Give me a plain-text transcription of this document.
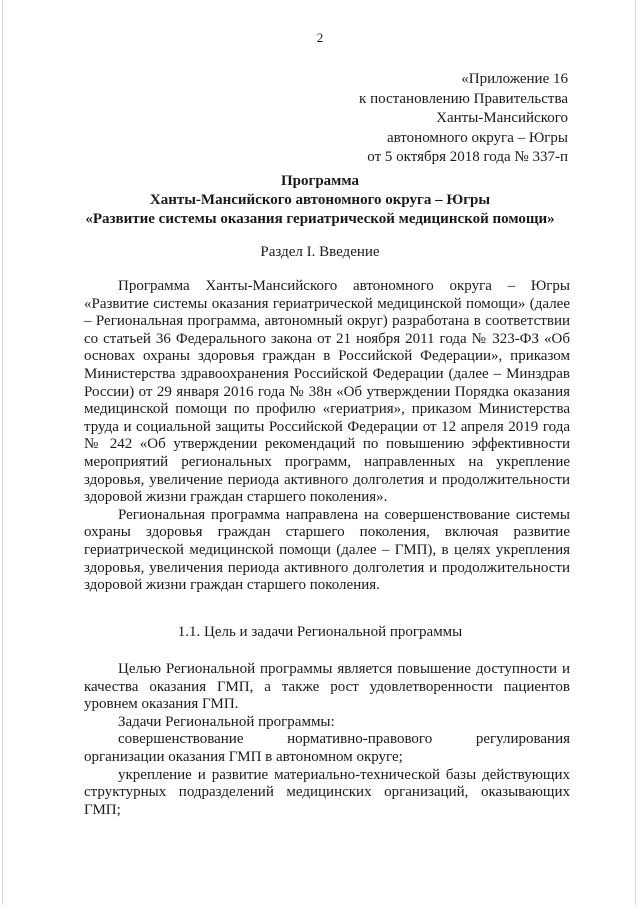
2
«Приложение 16
к постановлению Правительства
Ханты-Мансийского
автономного округа – Югры
от 5 октября 2018 года № 337-п
Программа
Ханты-Мансийского автономного округа – Югры
«Развитие системы оказания гериатрической медицинской помощи»
Раздел I. Введение

Программа Ханты-Мансийского автономного округа – Югры «Развитие системы оказания гериатрической медицинской помощи» (далее – Региональная программа, автономный округ) разработана в соответствии со статьей 36 Федерального закона от 21 ноября 2011 года № 323-ФЗ «Об основах охраны здоровья граждан в Российской Федерации», приказом Министерства здравоохранения Российской Федерации (далее – Минздрав России) от 29 января 2016 года № 38н «Об утверждении Порядка оказания медицинской помощи по профилю «гериатрия», приказом Министерства труда и социальной защиты Российской Федерации от 12 апреля 2019 года № 242 «Об утверждении рекомендаций по повышению эффективности мероприятий региональных программ, направленных на укрепление здоровья, увеличение периода активного долголетия и продолжительности здоровой жизни граждан старшего поколения».

Региональная программа направлена на совершенствование системы охраны здоровья граждан старшего поколения, включая развитие гериатрической медицинской помощи (далее – ГМП), в целях укрепления здоровья, увеличения периода активного долголетия и продолжительности здоровой жизни граждан старшего поколения.

1.1. Цель и задачи Региональной программы

Целью Региональной программы является повышение доступности и качества оказания ГМП, а также рост удовлетворенности пациентов уровнем оказания ГМП.

Задачи Региональной программы:

совершенствование нормативно-правового регулирования организации оказания ГМП в автономном округе;

укрепление и развитие материально-технической базы действующих структурных подразделений медицинских организаций, оказывающих ГМП;
